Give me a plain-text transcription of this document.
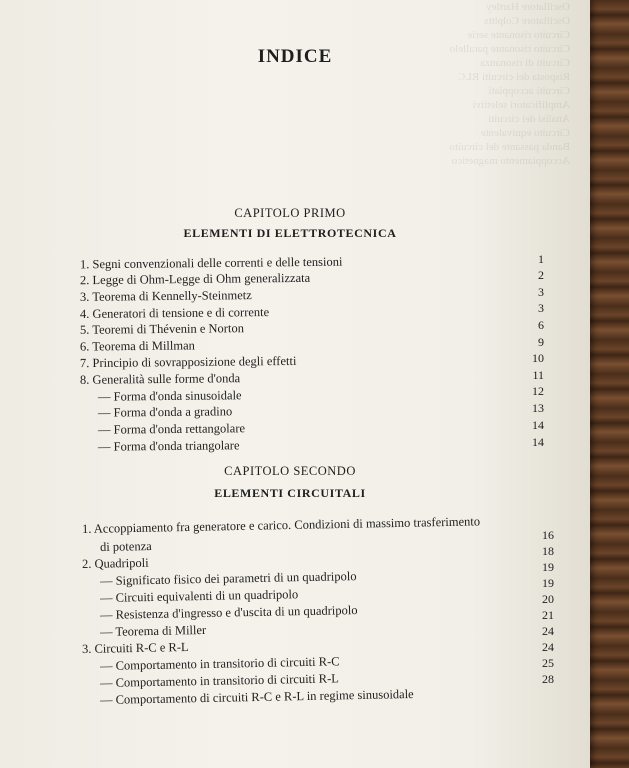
Oscillatore Hartley
Oscillatore Colpitts
Circuito risonante serie
Circuito risonante parallelo
Circuiti di risonanza
Risposta dei circuiti RLC
Circuiti accoppiati
Amplificatori selettivi
Analisi dei circuiti
Circuito equivalente
Banda passante del circuito
Accoppiamento magnetico
INDICE
CAPITOLO PRIMO
ELEMENTI DI ELETTROTECNICA
1. Segni convenzionali delle correnti e delle tensioni
2. Legge di Ohm-Legge di Ohm generalizzata
3. Teorema di Kennelly-Steinmetz
4. Generatori di tensione e di corrente
5. Teoremi di Thévenin e Norton
6. Teorema di Millman
7. Principio di sovrapposizione degli effetti
8. Generalità sulle forme d'onda
— Forma d'onda sinusoidale
— Forma d'onda a gradino
— Forma d'onda rettangolare
— Forma d'onda triangolare
1
2
3
3
6
9
10
11
12
13
14
14
CAPITOLO SECONDO
ELEMENTI CIRCUITALI
1. Accoppiamento fra generatore e carico. Condizioni di massimo trasferimento
di potenza
2. Quadripoli
— Significato fisico dei parametri di un quadripolo
— Circuiti equivalenti di un quadripolo
— Resistenza d'ingresso e d'uscita di un quadripolo
— Teorema di Miller
3. Circuiti R-C e R-L
— Comportamento in transitorio di circuiti R-C
— Comportamento in transitorio di circuiti R-L
— Comportamento di circuiti R-C e R-L in regime sinusoidale
16
18
19
19
20
21
24
24
25
28
